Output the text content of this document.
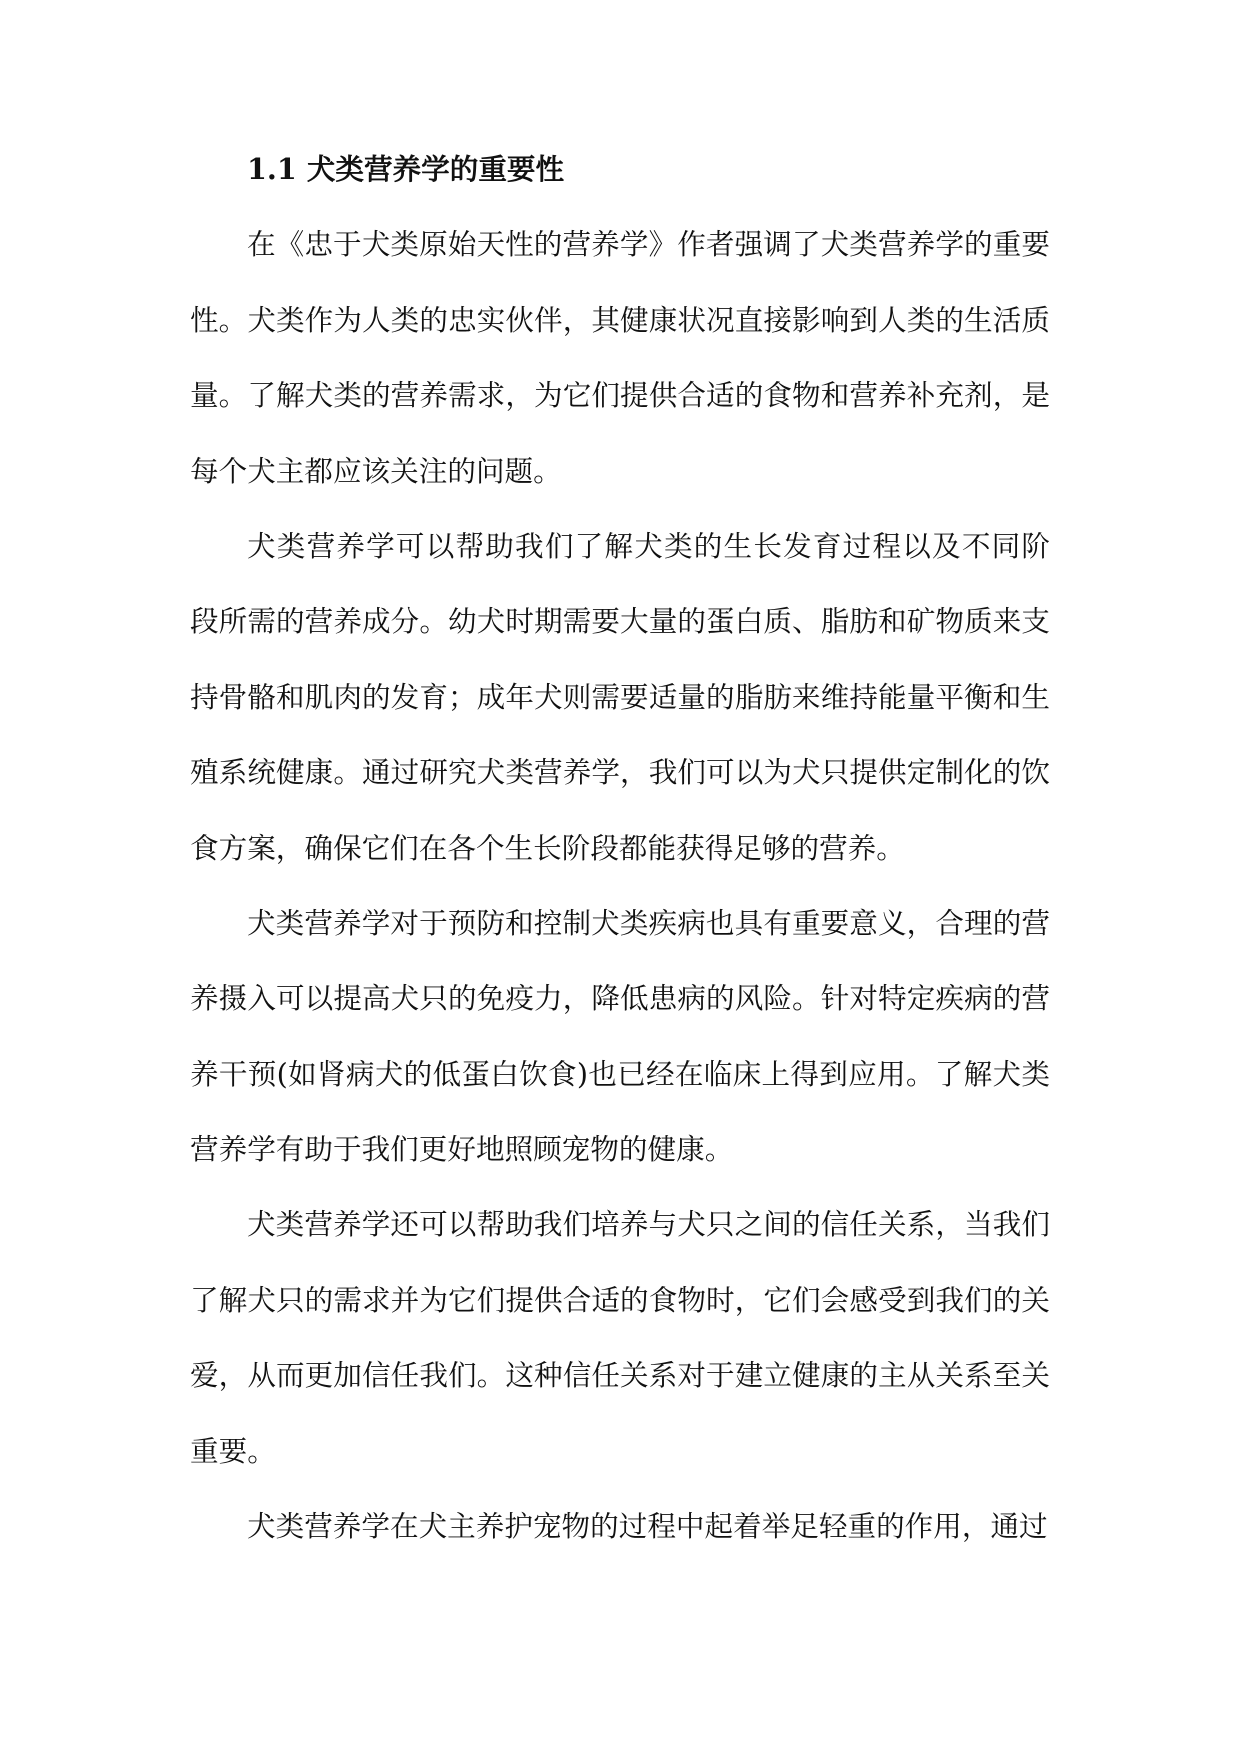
1.1 犬类营养学的重要性
在《忠于犬类原始天性的营养学》作者强调了犬类营养学的重要
性。犬类作为人类的忠实伙伴，其健康状况直接影响到人类的生活质
量。了解犬类的营养需求，为它们提供合适的食物和营养补充剂，是
每个犬主都应该关注的问题。
犬类营养学可以帮助我们了解犬类的生长发育过程以及不同阶
段所需的营养成分。幼犬时期需要大量的蛋白质、脂肪和矿物质来支
持骨骼和肌肉的发育；成年犬则需要适量的脂肪来维持能量平衡和生
殖系统健康。通过研究犬类营养学，我们可以为犬只提供定制化的饮
食方案，确保它们在各个生长阶段都能获得足够的营养。
犬类营养学对于预防和控制犬类疾病也具有重要意义，合理的营
养摄入可以提高犬只的免疫力，降低患病的风险。针对特定疾病的营
养干预(如肾病犬的低蛋白饮食)也已经在临床上得到应用。了解犬类
营养学有助于我们更好地照顾宠物的健康。
犬类营养学还可以帮助我们培养与犬只之间的信任关系，当我们
了解犬只的需求并为它们提供合适的食物时，它们会感受到我们的关
爱，从而更加信任我们。这种信任关系对于建立健康的主从关系至关
重要。
犬类营养学在犬主养护宠物的过程中起着举足轻重的作用，通过
